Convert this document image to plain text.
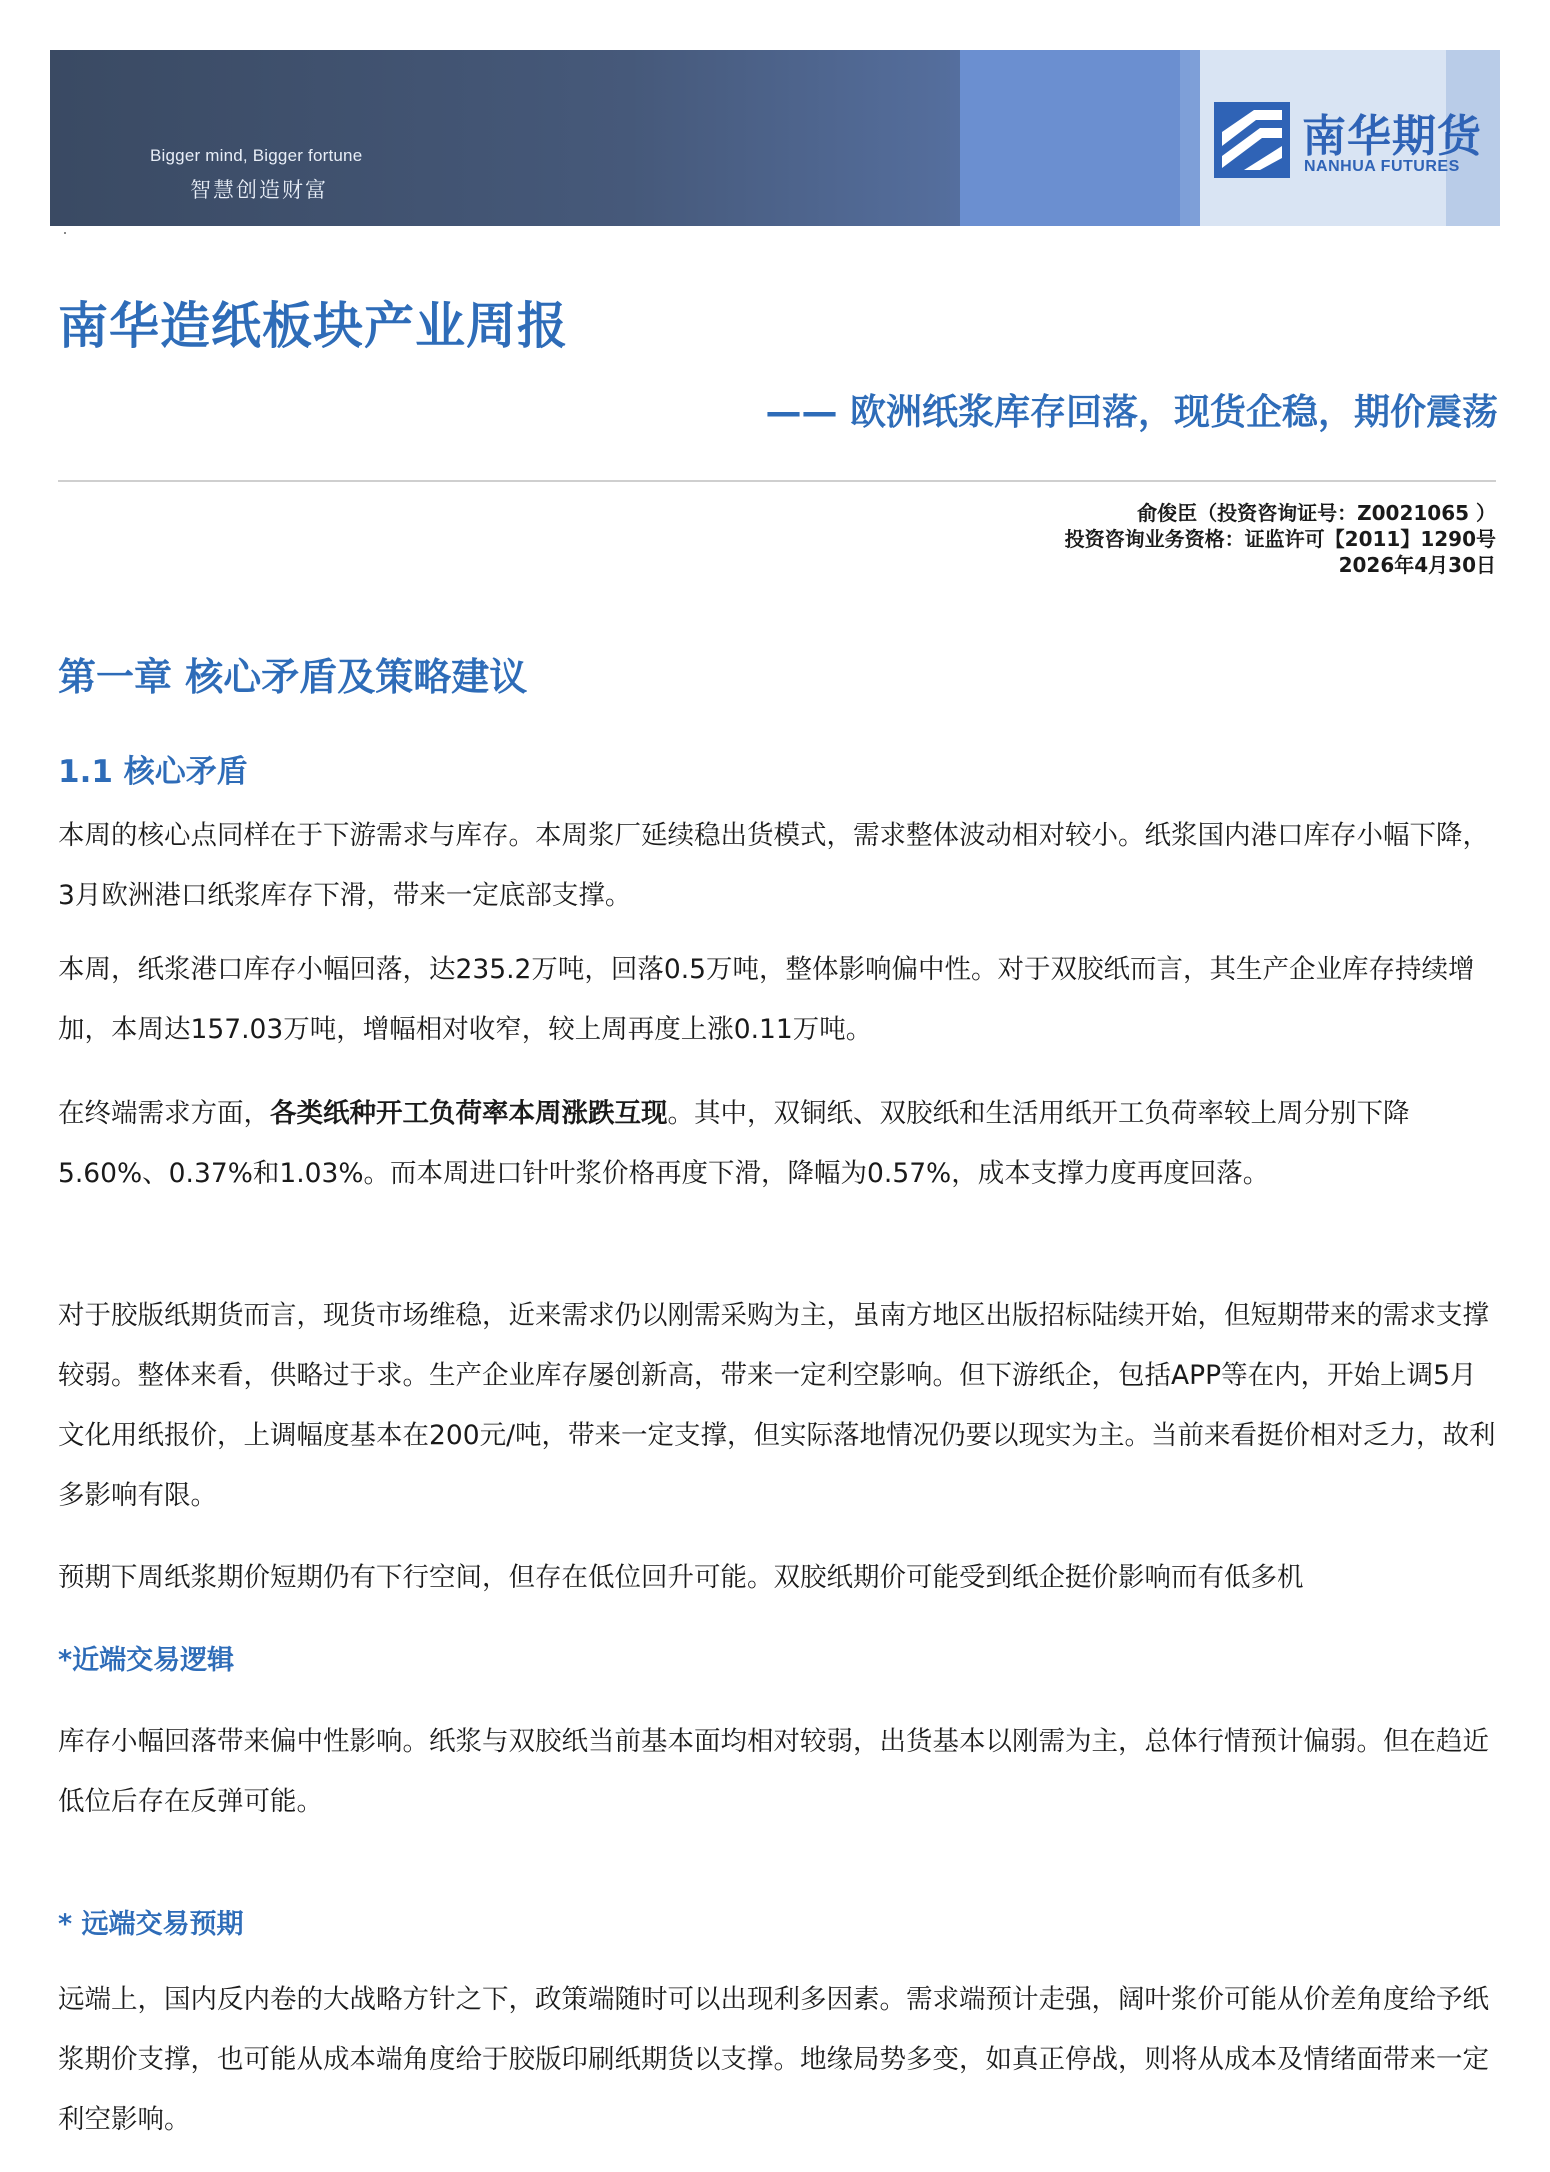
Bigger mind, Bigger fortune
智慧创造财富
南华期货
NANHUA FUTURES
南华造纸板块产业周报
—— 欧洲纸浆库存回落，现货企稳，期价震荡
俞俊臣（投资咨询证号：Z0021065 ）
投资咨询业务资格：证监许可【2011】1290号
2026年4月30日
第一章 核心矛盾及策略建议
1.1 核心矛盾
本周的核心点同样在于下游需求与库存。本周浆厂延续稳出货模式，需求整体波动相对较小。纸浆国内港口库存小幅下降，3月欧洲港口纸浆库存下滑，带来一定底部支撑。
本周，纸浆港口库存小幅回落，达235.2万吨，回落0.5万吨，整体影响偏中性。对于双胶纸而言，其生产企业库存持续增加，本周达157.03万吨，增幅相对收窄，较上周再度上涨0.11万吨。
在终端需求方面，各类纸种开工负荷率本周涨跌互现。其中，双铜纸、双胶纸和生活用纸开工负荷率较上周分别下降5.60%、0.37%和1.03%。而本周进口针叶浆价格再度下滑，降幅为0.57%，成本支撑力度再度回落。
对于胶版纸期货而言，现货市场维稳，近来需求仍以刚需采购为主，虽南方地区出版招标陆续开始，但短期带来的需求支撑较弱。整体来看，供略过于求。生产企业库存屡创新高，带来一定利空影响。但下游纸企，包括APP等在内，开始上调5月文化用纸报价，上调幅度基本在200元/吨，带来一定支撑，但实际落地情况仍要以现实为主。当前来看挺价相对乏力，故利多影响有限。
预期下周纸浆期价短期仍有下行空间，但存在低位回升可能。双胶纸期价可能受到纸企挺价影响而有低多机
*近端交易逻辑
库存小幅回落带来偏中性影响。纸浆与双胶纸当前基本面均相对较弱，出货基本以刚需为主，总体行情预计偏弱。但在趋近低位后存在反弹可能。
* 远端交易预期
远端上，国内反内卷的大战略方针之下，政策端随时可以出现利多因素。需求端预计走强，阔叶浆价可能从价差角度给予纸浆期价支撑，也可能从成本端角度给于胶版印刷纸期货以支撑。地缘局势多变，如真正停战，则将从成本及情绪面带来一定利空影响。
